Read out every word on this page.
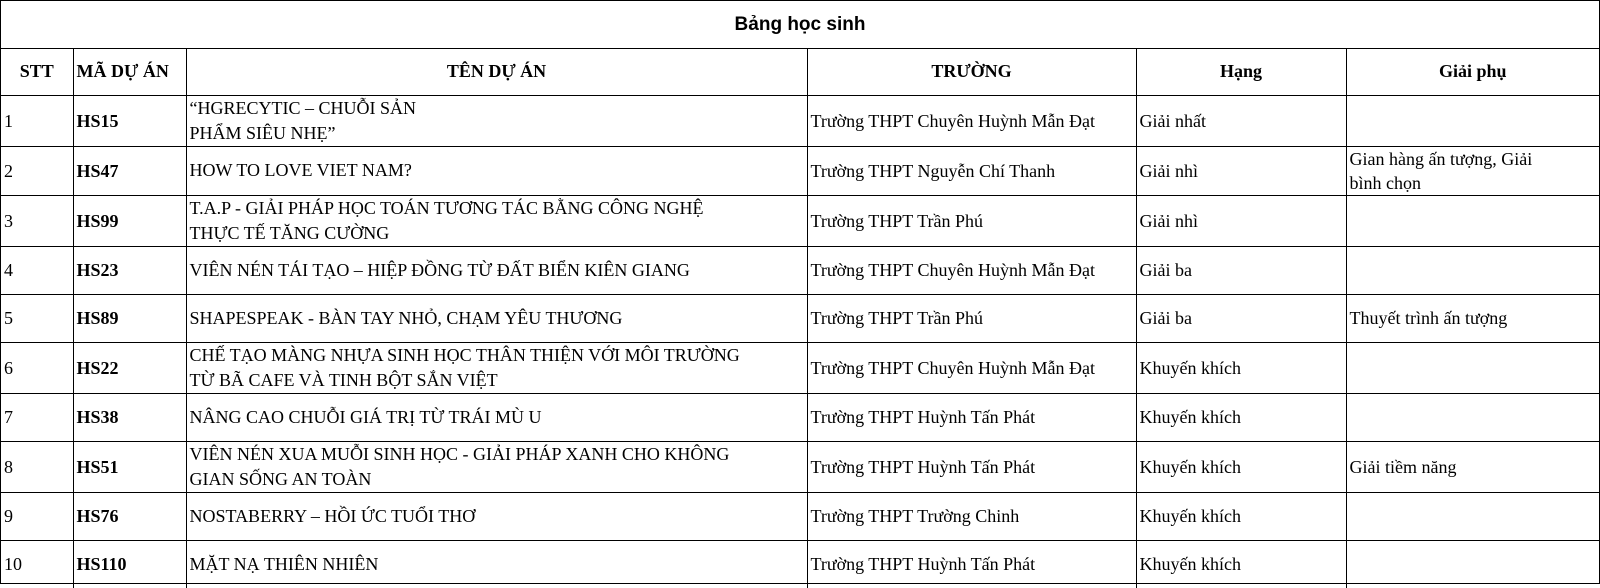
Bảng học sinh
STT	MÃ DỰ ÁN	TÊN DỰ ÁN	TRƯỜNG	Hạng	Giải phụ
1	HS15	“HGRECYTIC – CHUỖI SẢN
PHẨM SIÊU NHẸ”	Trường THPT Chuyên Huỳnh Mẫn Đạt	Giải nhất	
2	HS47	HOW TO LOVE VIET NAM?	Trường THPT Nguyễn Chí Thanh	Giải nhì	Gian hàng ấn tượng, Giải
bình chọn
3	HS99	T.A.P - GIẢI PHÁP HỌC TOÁN TƯƠNG TÁC BẰNG CÔNG NGHỆ
THỰC TẾ TĂNG CƯỜNG	Trường THPT Trần Phú	Giải nhì	
4	HS23	VIÊN NÉN TÁI TẠO – HIỆP ĐỒNG TỪ ĐẤT BIỂN KIÊN GIANG	Trường THPT Chuyên Huỳnh Mẫn Đạt	Giải ba	
5	HS89	SHAPESPEAK - BÀN TAY NHỎ, CHẠM YÊU THƯƠNG	Trường THPT Trần Phú	Giải ba	Thuyết trình ấn tượng
6	HS22	CHẾ TẠO MÀNG NHỰA SINH HỌC THÂN THIỆN VỚI MÔI TRƯỜNG
TỪ BÃ CAFE VÀ TINH BỘT SẮN VIỆT	Trường THPT Chuyên Huỳnh Mẫn Đạt	Khuyến khích	
7	HS38	NÂNG CAO CHUỖI GIÁ TRỊ TỪ TRÁI MÙ U	Trường THPT Huỳnh Tấn Phát	Khuyến khích	
8	HS51	VIÊN NÉN XUA MUỖI SINH HỌC - GIẢI PHÁP XANH CHO KHÔNG
GIAN SỐNG AN TOÀN	Trường THPT Huỳnh Tấn Phát	Khuyến khích	Giải tiềm năng
9	HS76	NOSTABERRY – HỒI ỨC TUỔI THƠ	Trường THPT Trường Chinh	Khuyến khích	
10	HS110	MẶT NẠ THIÊN NHIÊN	Trường THPT Huỳnh Tấn Phát	Khuyến khích	
